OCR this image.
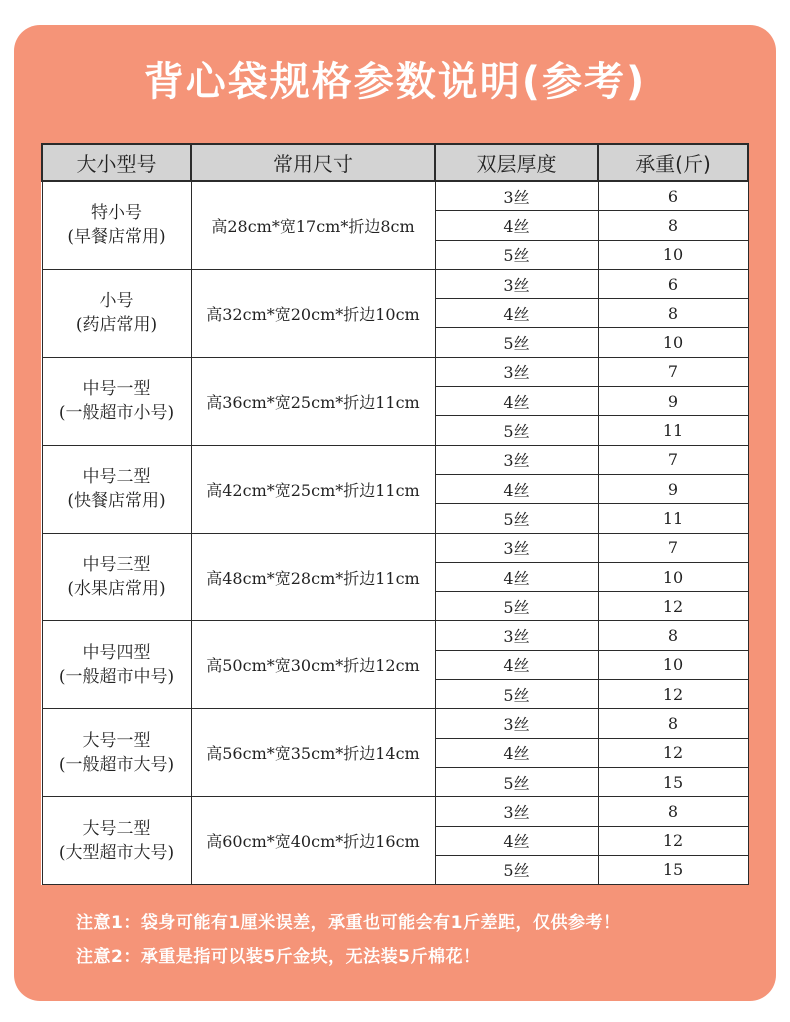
背心袋规格参数说明(参考)
大小型号	常用尺寸	双层厚度	承重(斤)

特小号
(早餐店常用)	高28cm*宽17cm*折边8cm	3丝	6
		4丝	8
		5丝	10

小号
(药店常用)	高32cm*宽20cm*折边10cm	3丝	6
		4丝	8
		5丝	10

中号一型
(一般超市小号)	高36cm*宽25cm*折边11cm	3丝	7
		4丝	9
		5丝	11

中号二型
(快餐店常用)	高42cm*宽25cm*折边11cm	3丝	7
		4丝	9
		5丝	11

中号三型
(水果店常用)	高48cm*宽28cm*折边11cm	3丝	7
		4丝	10
		5丝	12

中号四型
(一般超市中号)	高50cm*宽30cm*折边12cm	3丝	8
		4丝	10
		5丝	12

大号一型
(一般超市大号)	高56cm*宽35cm*折边14cm	3丝	8
		4丝	12
		5丝	15

大号二型
(大型超市大号)	高60cm*宽40cm*折边16cm	3丝	8
		4丝	12
		5丝	15
注意1：袋身可能有1厘米误差，承重也可能会有1斤差距，仅供参考！
注意2：承重是指可以装5斤金块，无法装5斤棉花！
